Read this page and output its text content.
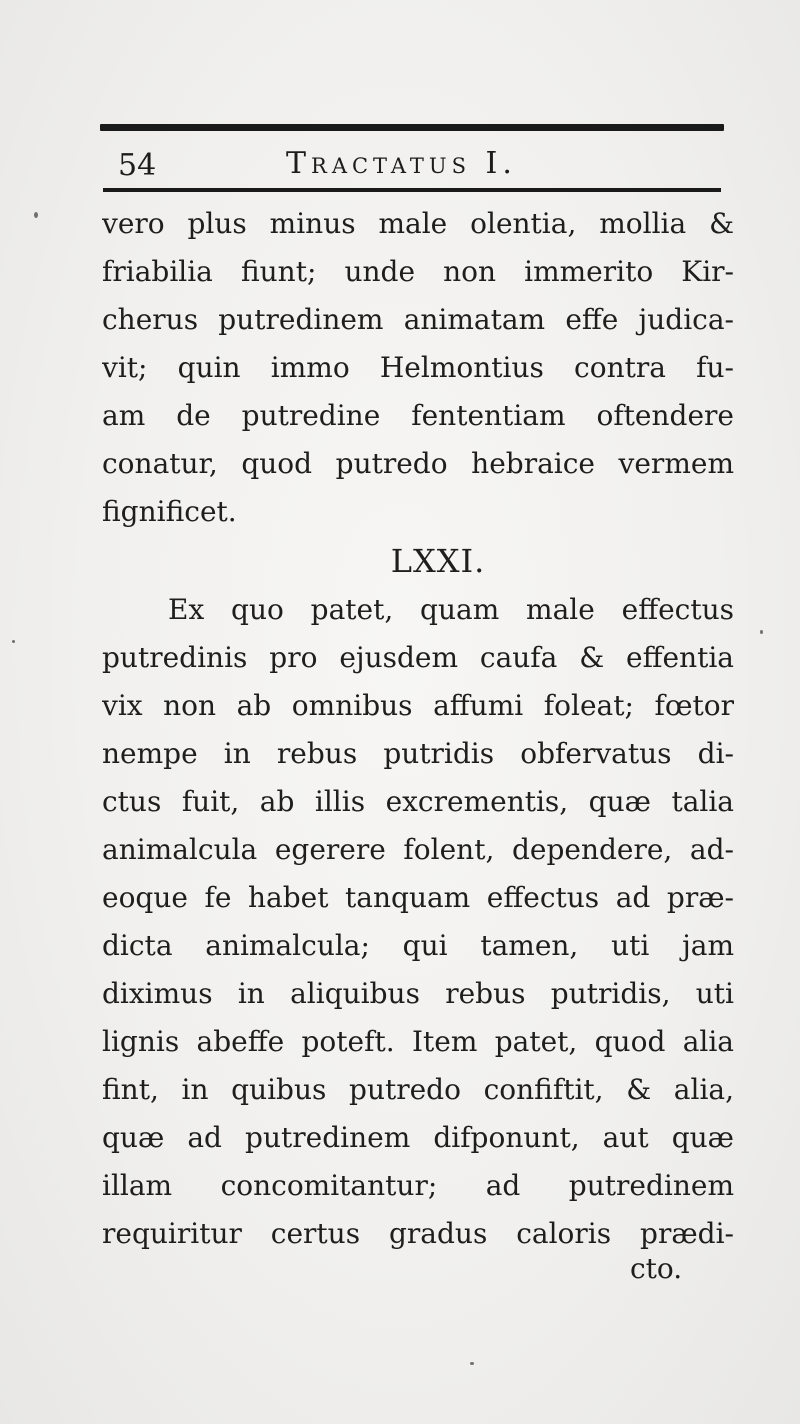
54	Tractatus I.
vero plus minus male olentia, mollia &
friabilia fiunt; unde non immerito Kir-
cherus putredinem animatam effe judica-
vit; quin immo Helmontius contra fu-
am de putredine fententiam oftendere
conatur, quod putredo hebraice vermem
fignificet.
LXXI.
Ex quo patet, quam male effectus
putredinis pro ejusdem caufa & effentia
vix non ab omnibus affumi foleat; fœtor
nempe in rebus putridis obfervatus di-
ctus fuit, ab illis excrementis, quæ talia
animalcula egerere folent, dependere, ad-
eoque fe habet tanquam effectus ad præ-
dicta animalcula; qui tamen, uti jam
diximus in aliquibus rebus putridis, uti
lignis abeffe poteft. Item patet, quod alia
fint, in quibus putredo confiftit, & alia,
quæ ad putredinem difponunt, aut quæ
illam concomitantur; ad putredinem
requiritur certus gradus caloris prædi-
cto.
